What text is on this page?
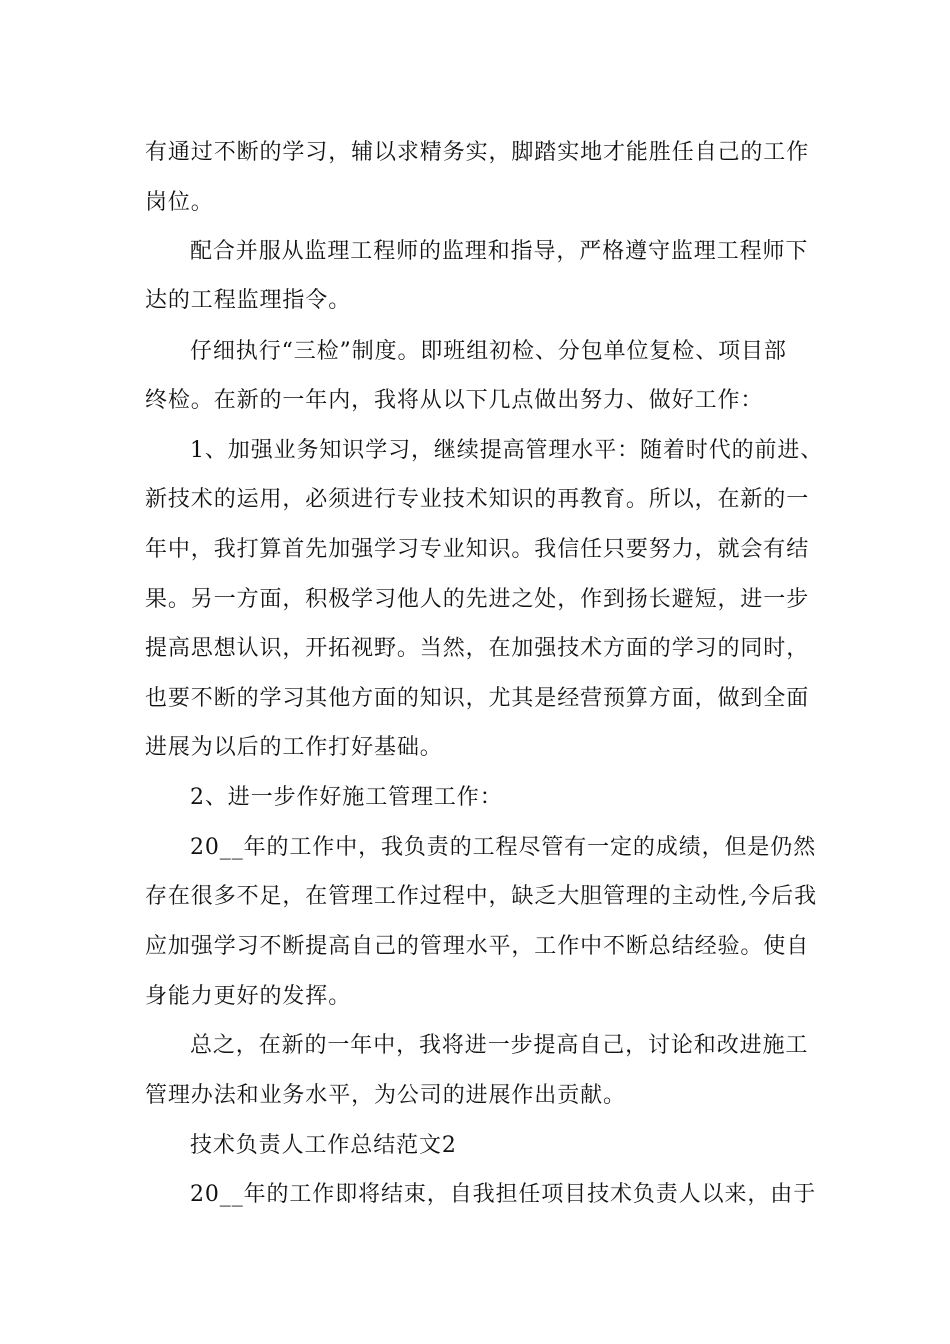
有通过不断的学习，辅以求精务实，脚踏实地才能胜任自己的工作
岗位。
配合并服从监理工程师的监理和指导，严格遵守监理工程师下
达的工程监理指令。
仔细执行“三检”制度。即班组初检、分包单位复检、项目部
终检。在新的一年内，我将从以下几点做出努力、做好工作：
1、加强业务知识学习，继续提高管理水平：随着时代的前进、
新技术的运用，必须进行专业技术知识的再教育。所以，在新的一
年中，我打算首先加强学习专业知识。我信任只要努力，就会有结
果。另一方面，积极学习他人的先进之处，作到扬长避短，进一步
提高思想认识，开拓视野。当然，在加强技术方面的学习的同时，
也要不断的学习其他方面的知识，尤其是经营预算方面，做到全面
进展为以后的工作打好基础。
2、进一步作好施工管理工作：
20__年的工作中，我负责的工程尽管有一定的成绩，但是仍然
存在很多不足，在管理工作过程中，缺乏大胆管理的主动性,今后我
应加强学习不断提高自己的管理水平，工作中不断总结经验。使自
身能力更好的发挥。
总之，在新的一年中，我将进一步提高自己，讨论和改进施工
管理办法和业务水平，为公司的进展作出贡献。
技术负责人工作总结范文2
20__年的工作即将结束，自我担任项目技术负责人以来，由于
